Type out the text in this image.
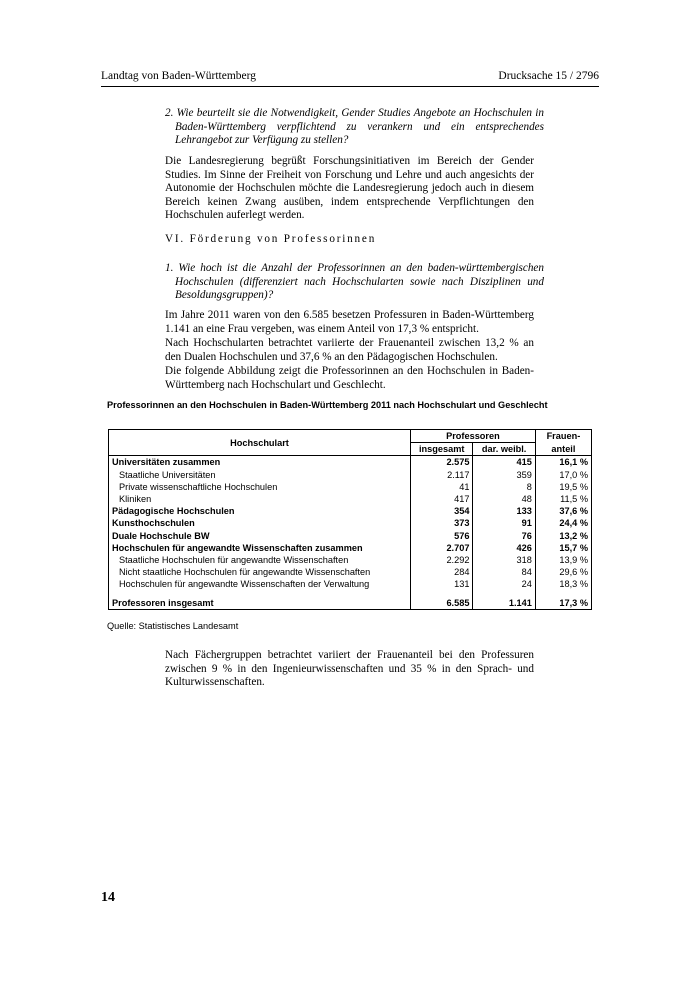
Landtag von Baden-Württemberg	Drucksache 15 / 2796
2. Wie beurteilt sie die Notwendigkeit, Gender Studies Angebote an Hochschulen in Baden-Württemberg verpflichtend zu verankern und ein entsprechendes Lehrangebot zur Verfügung zu stellen?
Die Landesregierung begrüßt Forschungsinitiativen im Bereich der Gender Studies. Im Sinne der Freiheit von Forschung und Lehre und auch angesichts der Autonomie der Hochschulen möchte die Landesregierung jedoch auch in diesem Bereich keinen Zwang ausüben, indem entsprechende Verpflichtungen den Hochschulen auferlegt werden.
VI. Förderung von Professorinnen
1. Wie hoch ist die Anzahl der Professorinnen an den baden-württembergischen Hochschulen (differenziert nach Hochschularten sowie nach Disziplinen und Besoldungsgruppen)?
Im Jahre 2011 waren von den 6.585 besetzen Professuren in Baden-Württemberg 1.141 an eine Frau vergeben, was einem Anteil von 17,3 % entspricht.
Nach Hochschularten betrachtet variierte der Frauenanteil zwischen 13,2 % an den Dualen Hochschulen und 37,6 % an den Pädagogischen Hochschulen.
Die folgende Abbildung zeigt die Professorinnen an den Hochschulen in Baden-Württemberg nach Hochschulart und Geschlecht.
Professorinnen an den Hochschulen in Baden-Württemberg 2011 nach Hochschulart und Geschlecht
Hochschulart	Professoren		Frauen-
	insgesamt	dar. weibl.	anteil
Universitäten zusammen	2.575	415	16,1 %
Staatliche Universitäten	2.117	359	17,0 %
Private wissenschaftliche Hochschulen	41	8	19,5 %
Kliniken	417	48	11,5 %
Pädagogische Hochschulen	354	133	37,6 %
Kunsthochschulen	373	91	24,4 %
Duale Hochschule BW	576	76	13,2 %
Hochschulen für angewandte Wissenschaften zusammen	2.707	426	15,7 %
Staatliche Hochschulen für angewandte Wissenschaften	2.292	318	13,9 %
Nicht staatliche Hochschulen für angewandte Wissenschaften	284	84	29,6 %
Hochschulen für angewandte Wissenschaften der Verwaltung	131	24	18,3 %

Professoren insgesamt	6.585	1.141	17,3 %
Quelle: Statistisches Landesamt
Nach Fächergruppen betrachtet variiert der Frauenanteil bei den Professuren zwischen 9 % in den Ingenieurwissenschaften und 35 % in den Sprach- und Kulturwissenschaften.
14
